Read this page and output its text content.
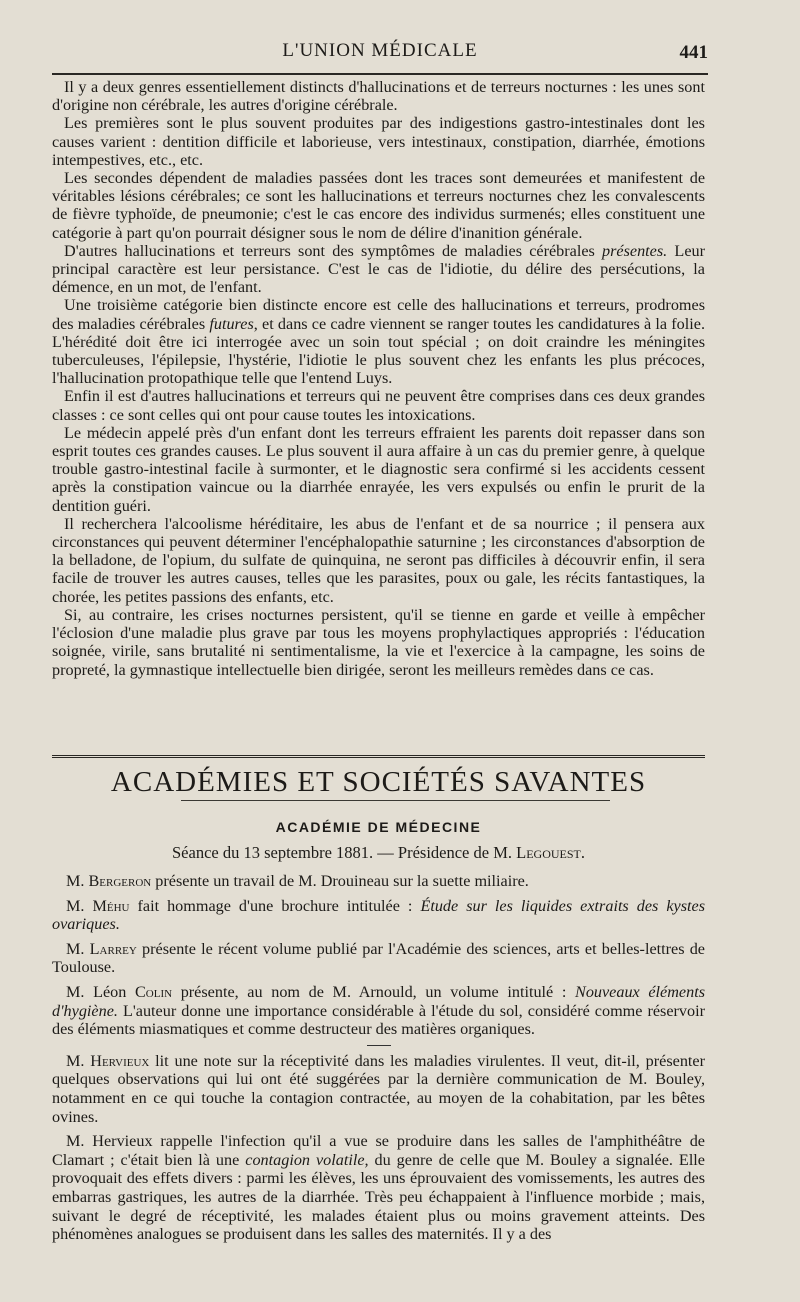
L'UNION MÉDICALE	441

Il y a deux genres essentiellement distincts d'hallucinations et de terreurs nocturnes : les unes sont d'origine non cérébrale, les autres d'origine cérébrale.

Les premières sont le plus souvent produites par des indigestions gastro-intestinales dont les causes varient : dentition difficile et laborieuse, vers intestinaux, constipation, diarrhée, émotions intempestives, etc., etc.

Les secondes dépendent de maladies passées dont les traces sont demeurées et manifestent de véritables lésions cérébrales; ce sont les hallucinations et terreurs nocturnes chez les convalescents de fièvre typhoïde, de pneumonie; c'est le cas encore des individus surmenés; elles constituent une catégorie à part qu'on pourrait désigner sous le nom de délire d'inanition générale.

D'autres hallucinations et terreurs sont des symptômes de maladies cérébrales présentes. Leur principal caractère est leur persistance. C'est le cas de l'idiotie, du délire des persécutions, la démence, en un mot, de l'enfant.

Une troisième catégorie bien distincte encore est celle des hallucinations et terreurs, prodromes des maladies cérébrales futures, et dans ce cadre viennent se ranger toutes les candidatures à la folie. L'hérédité doit être ici interrogée avec un soin tout spécial ; on doit craindre les méningites tuberculeuses, l'épilepsie, l'hystérie, l'idiotie le plus souvent chez les enfants les plus précoces, l'hallucination protopathique telle que l'entend Luys.

Enfin il est d'autres hallucinations et terreurs qui ne peuvent être comprises dans ces deux grandes classes : ce sont celles qui ont pour cause toutes les intoxications.

Le médecin appelé près d'un enfant dont les terreurs effraient les parents doit repasser dans son esprit toutes ces grandes causes. Le plus souvent il aura affaire à un cas du premier genre, à quelque trouble gastro-intestinal facile à surmonter, et le diagnostic sera confirmé si les accidents cessent après la constipation vaincue ou la diarrhée enrayée, les vers expulsés ou enfin le prurit de la dentition guéri.

Il recherchera l'alcoolisme héréditaire, les abus de l'enfant et de sa nourrice ; il pensera aux circonstances qui peuvent déterminer l'encéphalopathie saturnine ; les circonstances d'absorption de la belladone, de l'opium, du sulfate de quinquina, ne seront pas difficiles à découvrir enfin, il sera facile de trouver les autres causes, telles que les parasites, poux ou gale, les récits fantastiques, la chorée, les petites passions des enfants, etc.

Si, au contraire, les crises nocturnes persistent, qu'il se tienne en garde et veille à empêcher l'éclosion d'une maladie plus grave par tous les moyens prophylactiques appropriés : l'éducation soignée, virile, sans brutalité ni sentimentalisme, la vie et l'exercice à la campagne, les soins de propreté, la gymnastique intellectuelle bien dirigée, seront les meilleurs remèdes dans ce cas.

ACADÉMIES ET SOCIÉTÉS SAVANTES
ACADÉMIE DE MÉDECINE
Séance du 13 septembre 1881. — Présidence de M. Legouest.

M. Bergeron présente un travail de M. Drouineau sur la suette miliaire.

M. Méhu fait hommage d'une brochure intitulée : Étude sur les liquides extraits des kystes ovariques.

M. Larrey présente le récent volume publié par l'Académie des sciences, arts et belles-lettres de Toulouse.

M. Léon Colin présente, au nom de M. Arnould, un volume intitulé : Nouveaux éléments d'hygiène. L'auteur donne une importance considérable à l'étude du sol, considéré comme réservoir des éléments miasmatiques et comme destructeur des matières organiques.

M. Hervieux lit une note sur la réceptivité dans les maladies virulentes. Il veut, dit-il, présenter quelques observations qui lui ont été suggérées par la dernière communication de M. Bouley, notamment en ce qui touche la contagion contractée, au moyen de la cohabitation, par les bêtes ovines.

M. Hervieux rappelle l'infection qu'il a vue se produire dans les salles de l'amphithéâtre de Clamart ; c'était bien là une contagion volatile, du genre de celle que M. Bouley a signalée. Elle provoquait des effets divers : parmi les élèves, les uns éprouvaient des vomissements, les autres des embarras gastriques, les autres de la diarrhée. Très peu échappaient à l'influence morbide ; mais, suivant le degré de réceptivité, les malades étaient plus ou moins gravement atteints. Des phénomènes analogues se produisent dans les salles des maternités. Il y a des
